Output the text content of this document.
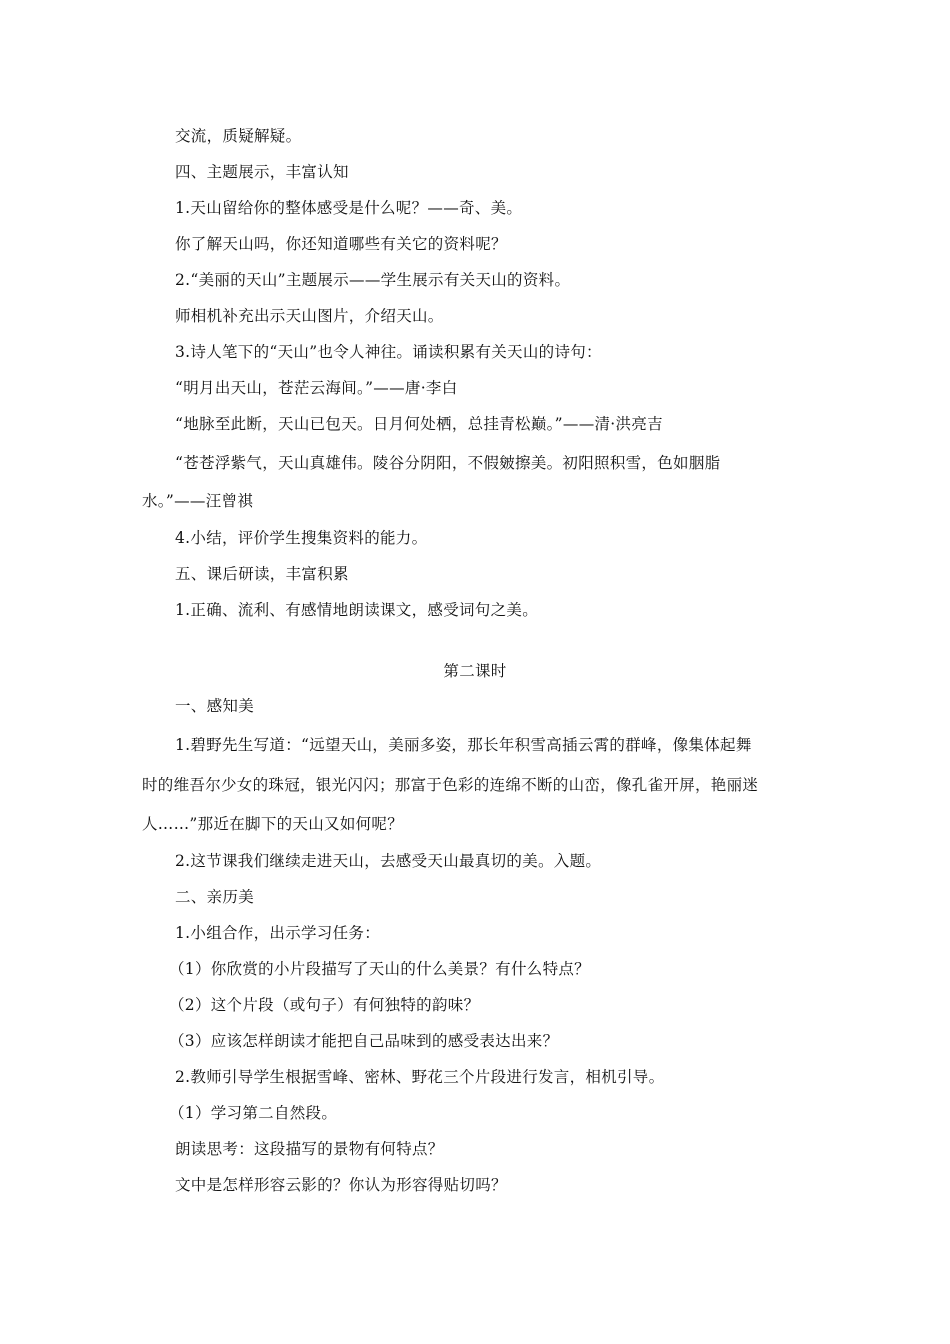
交流，质疑解疑。
四、主题展示，丰富认知
1.天山留给你的整体感受是什么呢？——奇、美。
你了解天山吗，你还知道哪些有关它的资料呢？
2.“美丽的天山”主题展示——学生展示有关天山的资料。
师相机补充出示天山图片，介绍天山。
3.诗人笔下的“天山”也令人神往。诵读积累有关天山的诗句：
“明月出天山，苍茫云海间。”——唐·李白
“地脉至此断，天山已包天。日月何处栖，总挂青松巅。”——清·洪亮吉
“苍苍浮紫气，天山真雄伟。陵谷分阴阳，不假皴擦美。初阳照积雪，色如胭脂
水。”——汪曾祺
4.小结，评价学生搜集资料的能力。
五、课后研读，丰富积累
1.正确、流利、有感情地朗读课文，感受词句之美。
第二课时
一、感知美
1.碧野先生写道：“远望天山，美丽多姿，那长年积雪高插云霄的群峰，像集体起舞
时的维吾尔少女的珠冠，银光闪闪；那富于色彩的连绵不断的山峦，像孔雀开屏，艳丽迷
人……”那近在脚下的天山又如何呢？
2.这节课我们继续走进天山，去感受天山最真切的美。入题。
二、亲历美
1.小组合作，出示学习任务：
（1）你欣赏的小片段描写了天山的什么美景？有什么特点？
（2）这个片段（或句子）有何独特的韵味？
（3）应该怎样朗读才能把自己品味到的感受表达出来？
2.教师引导学生根据雪峰、密林、野花三个片段进行发言，相机引导。
（1）学习第二自然段。
朗读思考：这段描写的景物有何特点？
文中是怎样形容云影的？你认为形容得贴切吗？
